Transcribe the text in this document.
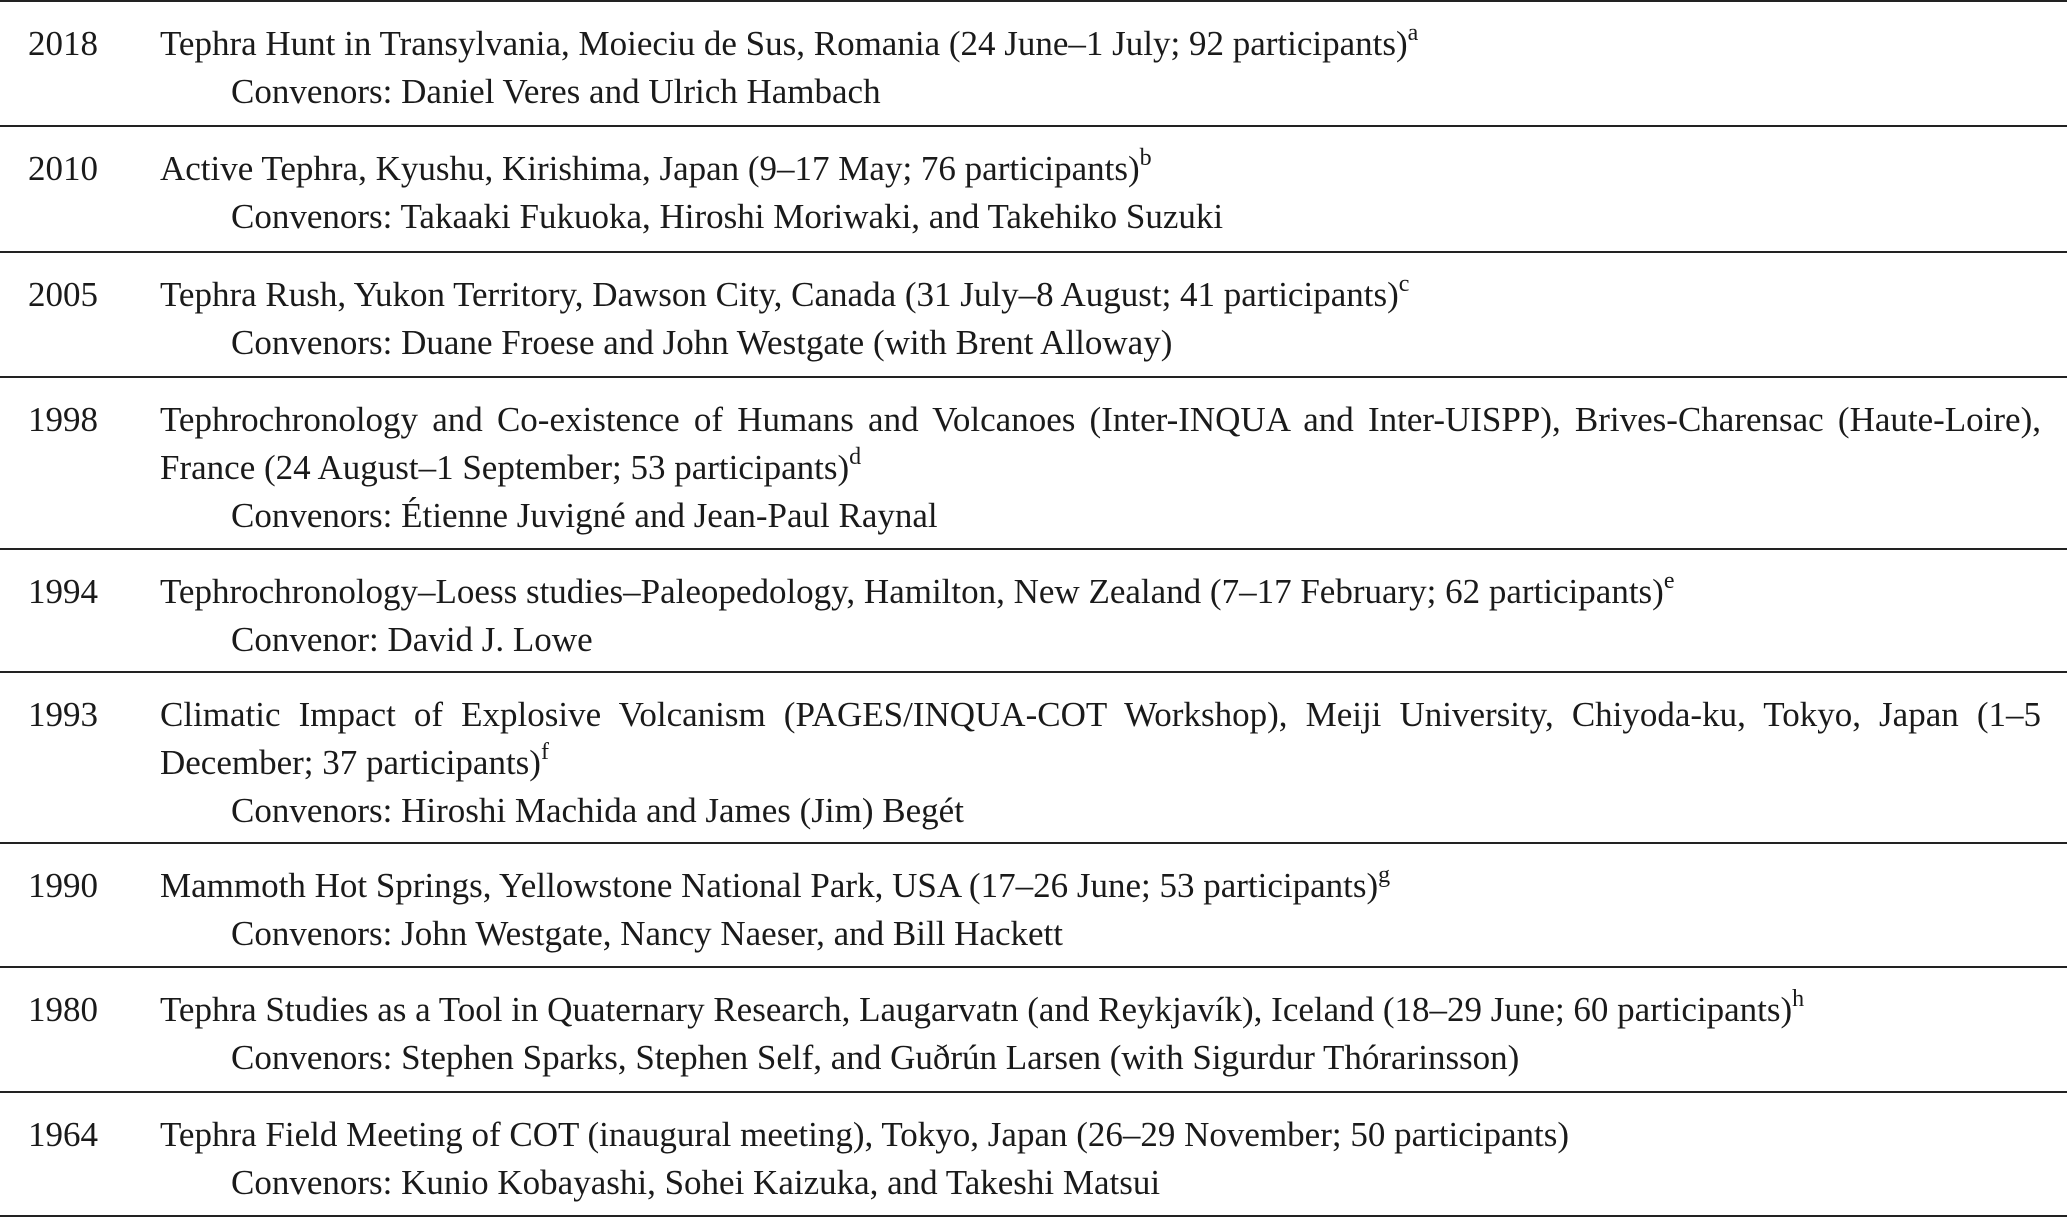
2018	Tephra Hunt in Transylvania, Moieciu de Sus, Romania (24 June–1 July; 92 participants)$^a$
Convenors: Daniel Veres and Ulrich Hambach
2010	Active Tephra, Kyushu, Kirishima, Japan (9–17 May; 76 participants)$^b$
Convenors: Takaaki Fukuoka, Hiroshi Moriwaki, and Takehiko Suzuki
2005	Tephra Rush, Yukon Territory, Dawson City, Canada (31 July–8 August; 41 participants)$^c$
Convenors: Duane Froese and John Westgate (with Brent Alloway)
1998	Tephrochronology and Co-existence of Humans and Volcanoes (Inter-INQUA and Inter-UISPP), Brives-Charensac (Haute-Loire), France (24 August–1 September; 53 participants)$^d$
Convenors: Étienne Juvigné and Jean-Paul Raynal
1994	Tephrochronology–Loess studies–Paleopedology, Hamilton, New Zealand (7–17 February; 62 participants)$^e$
Convenor: David J. Lowe
1993	Climatic Impact of Explosive Volcanism (PAGES/INQUA-COT Workshop), Meiji University, Chiyoda-ku, Tokyo, Japan (1–5 December; 37 participants)$^f$
Convenors: Hiroshi Machida and James (Jim) Begét
1990	Mammoth Hot Springs, Yellowstone National Park, USA (17–26 June; 53 participants)$^g$
Convenors: John Westgate, Nancy Naeser, and Bill Hackett
1980	Tephra Studies as a Tool in Quaternary Research, Laugarvatn (and Reykjavík), Iceland (18–29 June; 60 participants)$^h$
Convenors: Stephen Sparks, Stephen Self, and Guðrún Larsen (with Sigurdur Thórarinsson)
1964	Tephra Field Meeting of COT (inaugural meeting), Tokyo, Japan (26–29 November; 50 participants)
Convenors: Kunio Kobayashi, Sohei Kaizuka, and Takeshi Matsui
